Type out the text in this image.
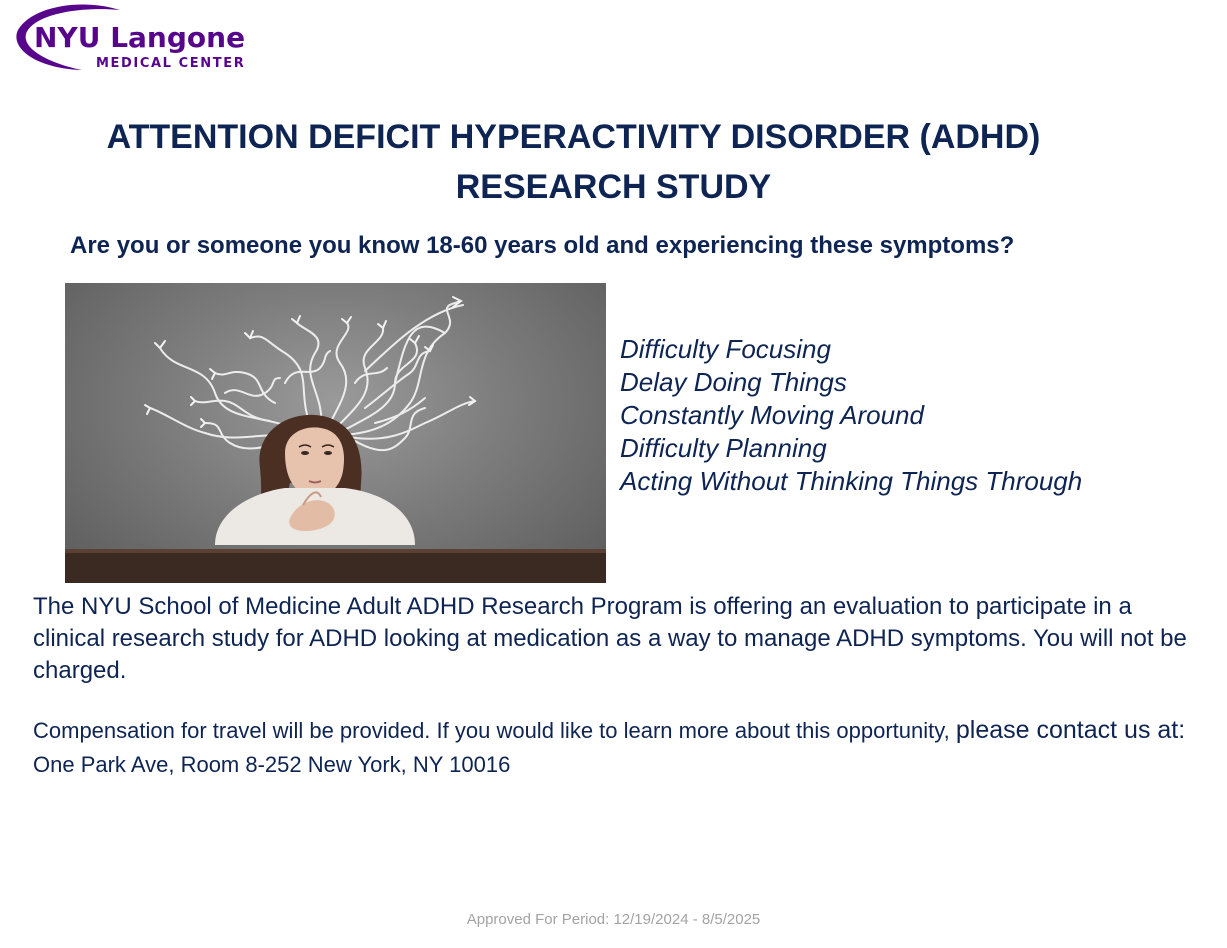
NYU Langone
MEDICAL CENTER
ATTENTION DEFICIT HYPERACTIVITY DISORDER (ADHD)
RESEARCH STUDY
Are you or someone you know 18-60 years old and experiencing these symptoms?
Difficulty Focusing
Delay Doing Things
Constantly Moving Around
Difficulty Planning
Acting Without Thinking Things Through
The NYU School of Medicine Adult ADHD Research Program is offering an evaluation to participate in a clinical research study for ADHD looking at medication as a way to manage ADHD symptoms. You will not be charged.
Compensation for travel will be provided. If you would like to learn more about this opportunity, please contact us at:  One Park Ave, Room 8-252 New York, NY 10016
Approved For Period: 12/19/2024 - 8/5/2025
